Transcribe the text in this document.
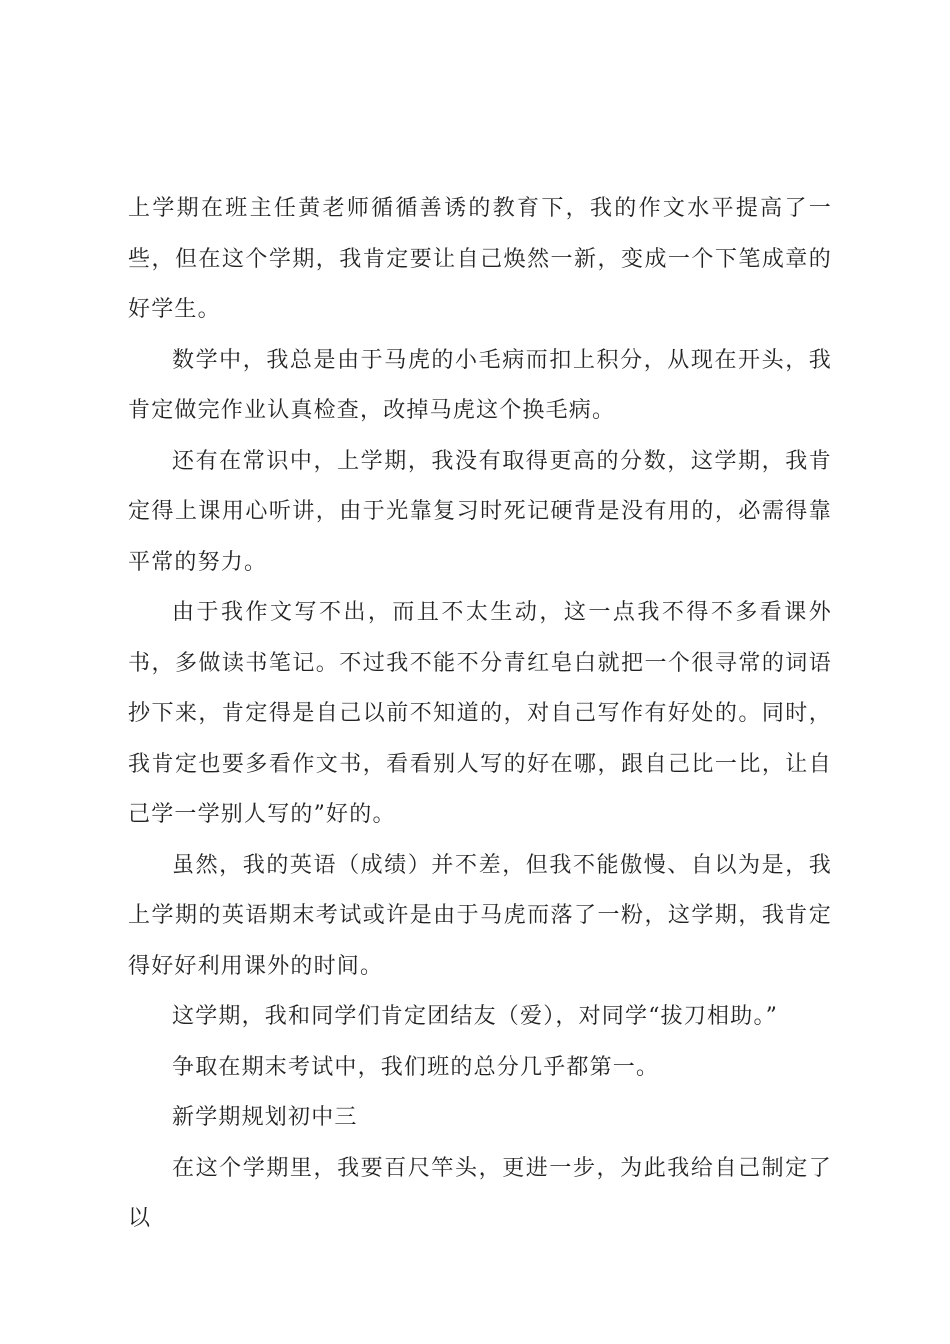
上学期在班主任黄老师循循善诱的教育下，我的作文水平提高了一些，但在这个学期，我肯定要让自己焕然一新，变成一个下笔成章的好学生。

数学中，我总是由于马虎的小毛病而扣上积分，从现在开头，我肯定做完作业认真检查，改掉马虎这个换毛病。

还有在常识中，上学期，我没有取得更高的分数，这学期，我肯定得上课用心听讲，由于光靠复习时死记硬背是没有用的，必需得靠平常的努力。

由于我作文写不出，而且不太生动，这一点我不得不多看课外书，多做读书笔记。不过我不能不分青红皂白就把一个很寻常的词语抄下来，肯定得是自己以前不知道的，对自己写作有好处的。同时，我肯定也要多看作文书，看看别人写的好在哪，跟自己比一比，让自己学一学别人写的”好的。

虽然，我的英语（成绩）并不差，但我不能傲慢、自以为是，我上学期的英语期末考试或许是由于马虎而落了一粉，这学期，我肯定得好好利用课外的时间。

这学期，我和同学们肯定团结友（爱），对同学“拔刀相助。”

争取在期末考试中，我们班的总分几乎都第一。

新学期规划初中三

在这个学期里，我要百尺竿头，更进一步，为此我给自己制定了以
